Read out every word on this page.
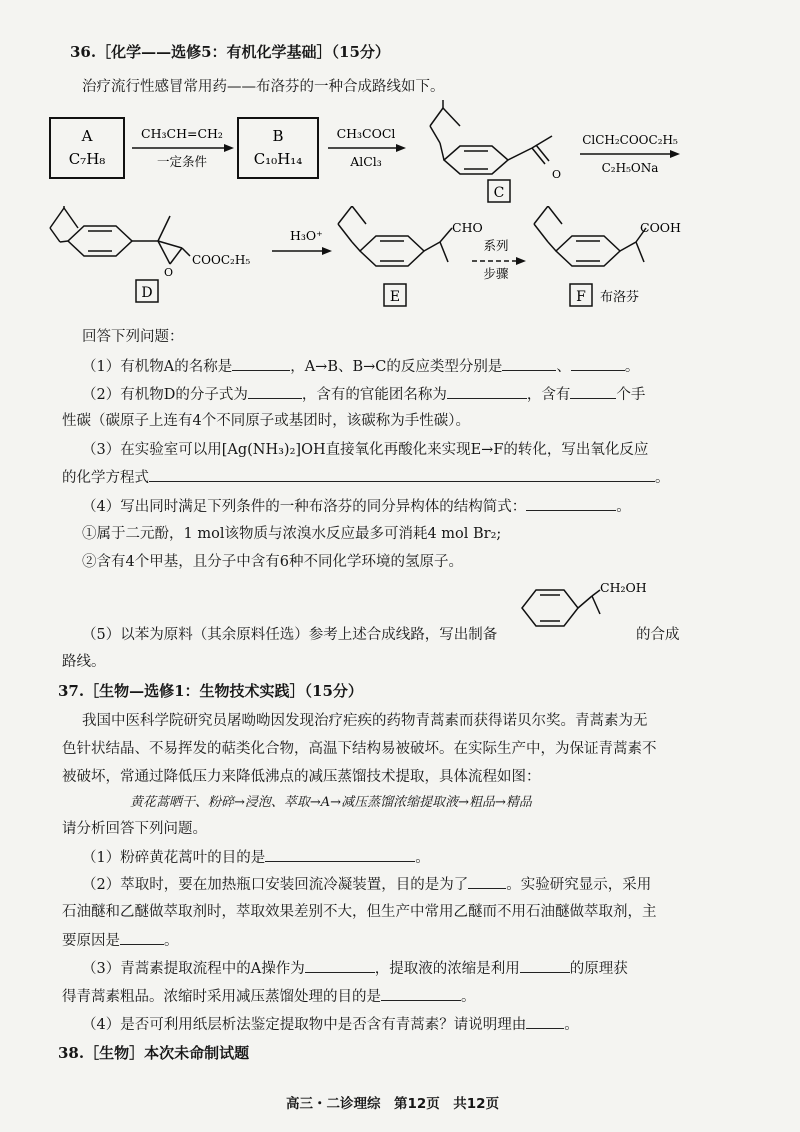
36.［化学——选修5：有机化学基础］（15分）
治疗流行性感冒常用药——布洛芬的一种合成路线如下。
A
C₇H₈
CH₃CH=CH₂
一定条件
B
C₁₀H₁₄
CH₃COCl
AlCl₃
O
C
ClCH₂COOC₂H₅
C₂H₅ONa
O
COOC₂H₅
D
H₃O⁺
CHO
E
系列
步骤
COOH
F 布洛芬
回答下列问题：
（1）有机物A的名称是	，A→B、B→C的反应类型分别是	、	。
（2）有机物D的分子式为	，含有的官能团名称为	，含有	个手
性碳（碳原子上连有4个不同原子或基团时，该碳称为手性碳）。
（3）在实验室可以用[Ag(NH₃)₂]OH直接氧化再酸化来实现E→F的转化，写出氧化反应
的化学方程式	。
（4）写出同时满足下列条件的一种布洛芬的同分异构体的结构简式：	。
①属于二元酚，1 mol该物质与浓溴水反应最多可消耗4 mol Br₂;
②含有4个甲基，且分子中含有6种不同化学环境的氢原子。
CH₂OH
（5）以苯为原料（其余原料任选）参考上述合成线路，写出制备	的合成
路线。
37.［生物—选修1：生物技术实践］（15分）
我国中医科学院研究员屠呦呦因发现治疗疟疾的药物青蒿素而获得诺贝尔奖。青蒿素为无
色针状结晶、不易挥发的萜类化合物，高温下结构易被破坏。在实际生产中，为保证青蒿素不
被破坏，常通过降低压力来降低沸点的减压蒸馏技术提取，具体流程如图：
黄花蒿晒干、粉碎→浸泡、萃取→A→减压蒸馏浓缩提取液→粗品→精品
请分析回答下列问题。
（1）粉碎黄花蒿叶的目的是	。
（2）萃取时，要在加热瓶口安装回流冷凝装置，目的是为了	。实验研究显示，采用
石油醚和乙醚做萃取剂时，萃取效果差别不大，但生产中常用乙醚而不用石油醚做萃取剂，主
要原因是	。
（3）青蒿素提取流程中的A操作为	，提取液的浓缩是利用	的原理获
得青蒿素粗品。浓缩时采用减压蒸馏处理的目的是	。
（4）是否可利用纸层析法鉴定提取物中是否含有青蒿素？请说明理由	。
38.［生物］本次未命制试题
高三・二诊理综　第12页　共12页
